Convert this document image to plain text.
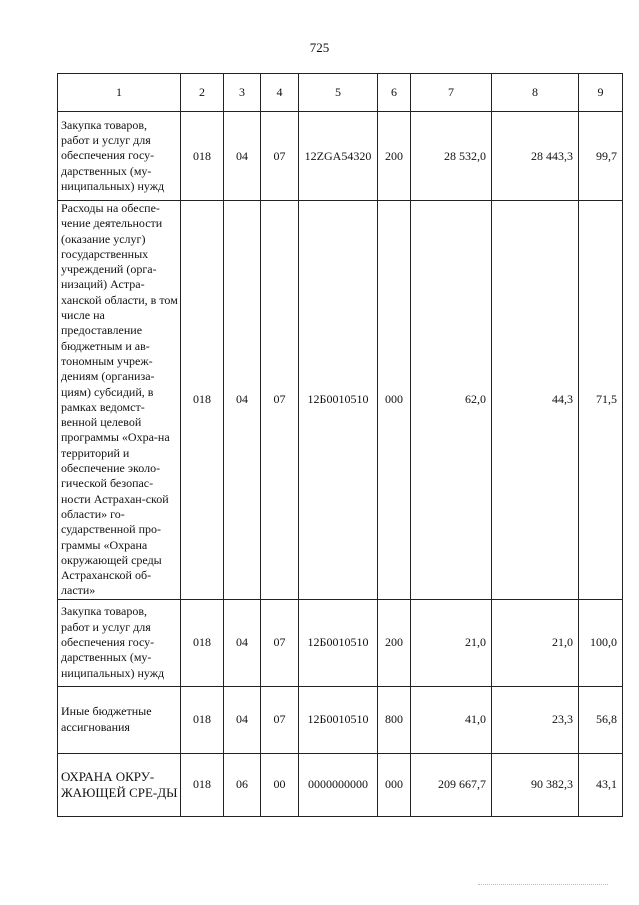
725
1	2	3	4	5	6	7	8	9
Закупка товаров, работ и услуг для обеспечения госу-дарственных (му-ниципальных) нужд	018	04	07	12ZGA54320	200	28 532,0	28 443,3	99,7
Расходы на обеспе-чение деятельности (оказание услуг) государственных учреждений (орга-низаций) Астра-ханской области, в том числе на предоставление бюджетным и ав-тономным учреж-дениям (организа-циям) субсидий, в рамках ведомст-венной целевой программы «Охра-на территорий и обеспечение эколо-гической безопас-ности Астрахан-ской области» го-сударственной про-граммы «Охрана окружающей среды Астраханской об-ласти»	018	04	07	12Б0010510	000	62,0	44,3	71,5
Закупка товаров, работ и услуг для обеспечения госу-дарственных (му-ниципальных) нужд	018	04	07	12Б0010510	200	21,0	21,0	100,0
Иные бюджетные ассигнования	018	04	07	12Б0010510	800	41,0	23,3	56,8
ОХРАНА ОКРУ-ЖАЮЩЕЙ СРЕ-ДЫ	018	06	00	0000000000	000	209 667,7	90 382,3	43,1
